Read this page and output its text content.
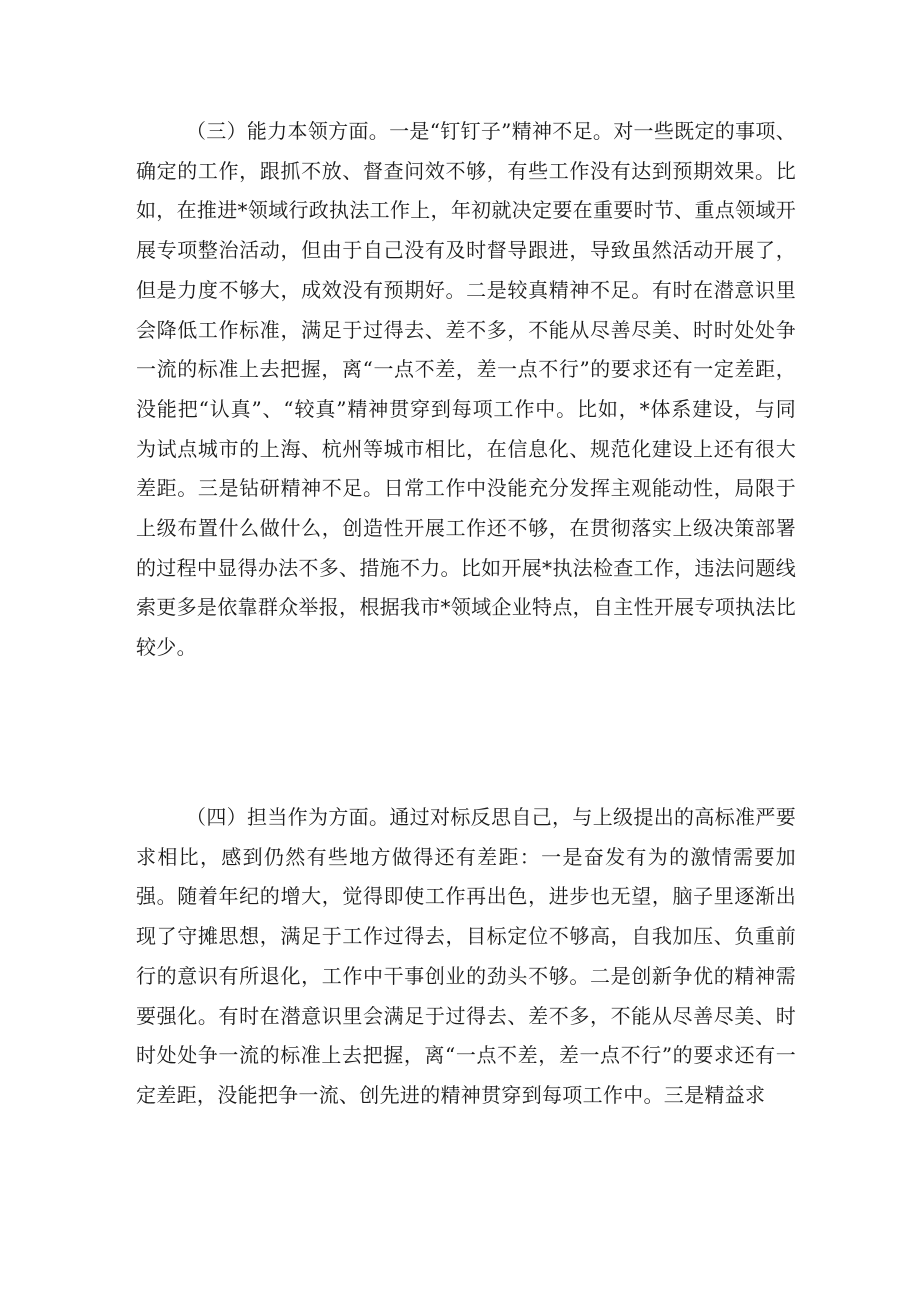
（三）能力本领方面。一是“钉钉子”精神不足。对一些既定的事项、确定的工作，跟抓不放、督查问效不够，有些工作没有达到预期效果。比如，在推进*领域行政执法工作上，年初就决定要在重要时节、重点领域开展专项整治活动，但由于自己没有及时督导跟进，导致虽然活动开展了，但是力度不够大，成效没有预期好。二是较真精神不足。有时在潜意识里会降低工作标准，满足于过得去、差不多，不能从尽善尽美、时时处处争一流的标准上去把握，离“一点不差，差一点不行”的要求还有一定差距，没能把“认真”、“较真”精神贯穿到每项工作中。比如，*体系建设，与同为试点城市的上海、杭州等城市相比，在信息化、规范化建设上还有很大差距。三是钻研精神不足。日常工作中没能充分发挥主观能动性，局限于上级布置什么做什么，创造性开展工作还不够，在贯彻落实上级决策部署的过程中显得办法不多、措施不力。比如开展*执法检查工作，违法问题线索更多是依靠群众举报，根据我市*领域企业特点，自主性开展专项执法比较少。

（四）担当作为方面。通过对标反思自己，与上级提出的高标准严要求相比，感到仍然有些地方做得还有差距：一是奋发有为的激情需要加强。随着年纪的增大，觉得即使工作再出色，进步也无望，脑子里逐渐出现了守摊思想，满足于工作过得去，目标定位不够高，自我加压、负重前行的意识有所退化，工作中干事创业的劲头不够。二是创新争优的精神需要强化。有时在潜意识里会满足于过得去、差不多，不能从尽善尽美、时时处处争一流的标准上去把握，离“一点不差，差一点不行”的要求还有一定差距，没能把争一流、创先进的精神贯穿到每项工作中。三是精益求
